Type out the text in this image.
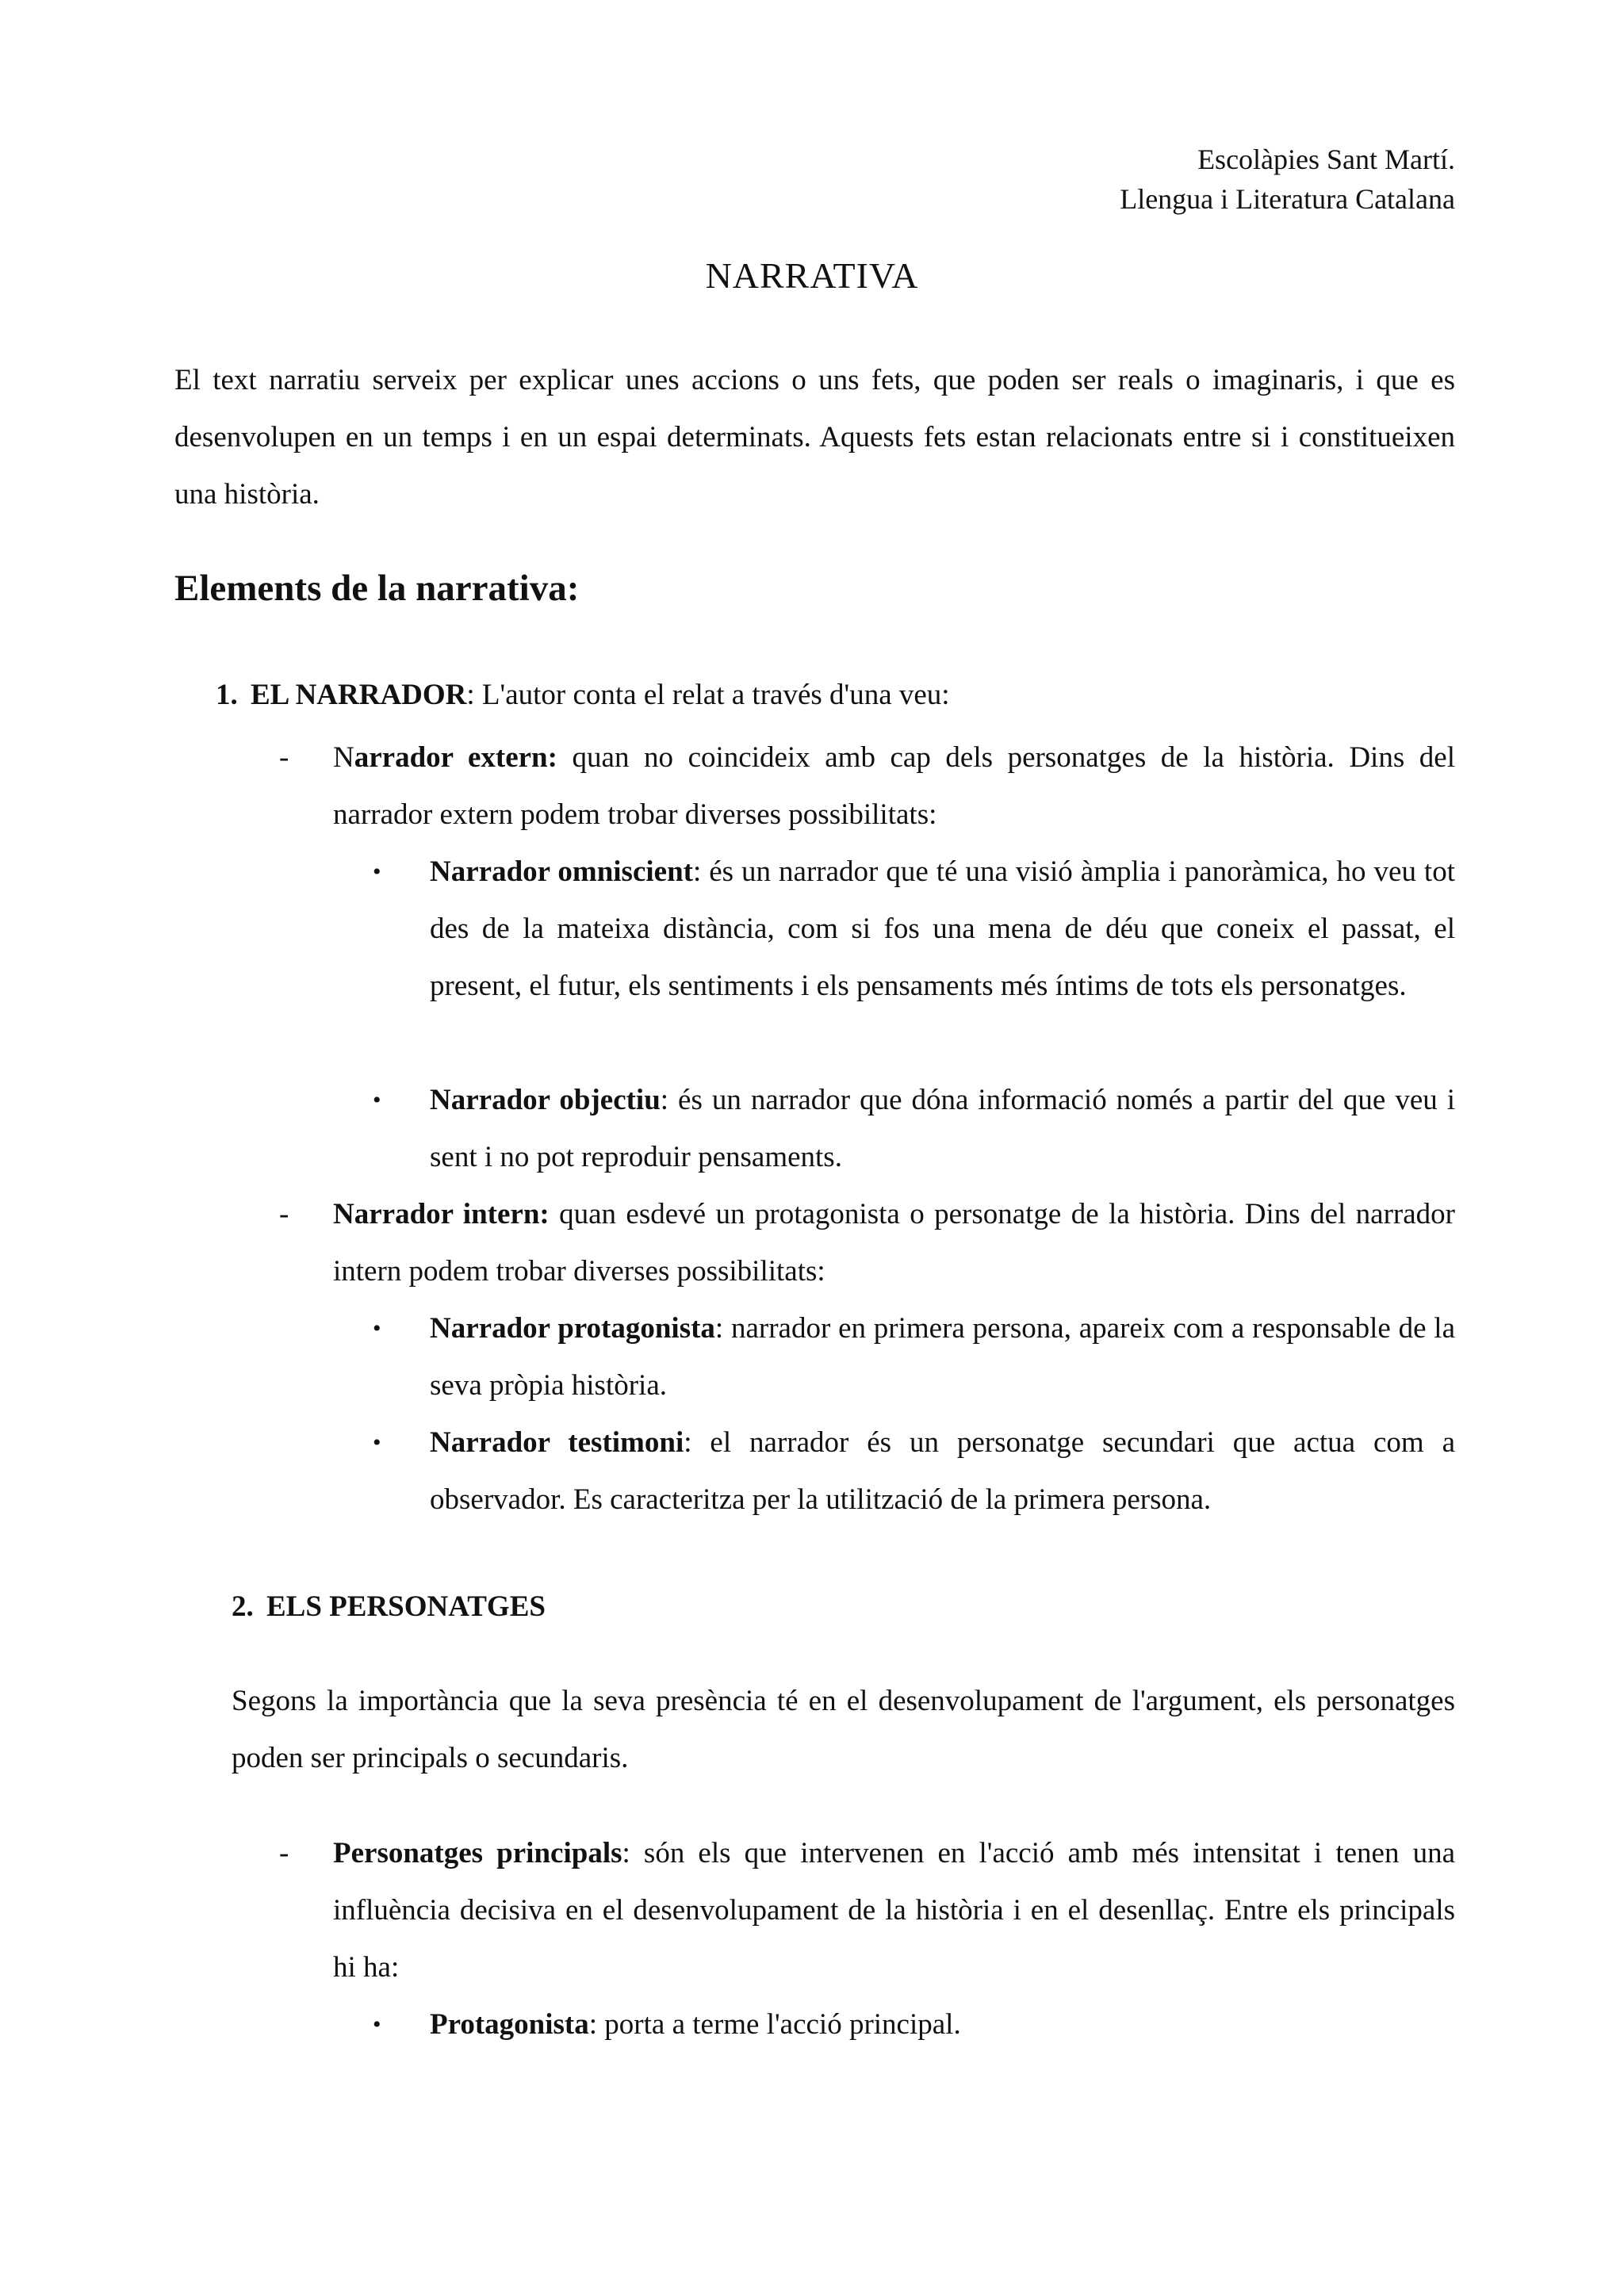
Escolàpies Sant Martí.
Llengua i Literatura Catalana
NARRATIVA

El text narratiu serveix per explicar unes accions o uns fets, que poden ser reals o imaginaris, i que es desenvolupen en un temps i en un espai determinats. Aquests fets estan relacionats entre si i constitueixen una història.

Elements de la narrativa:
1. EL NARRADOR: L'autor conta el relat a través d'una veu:
- Narrador extern: quan no coincideix amb cap dels personatges de la història. Dins del narrador extern podem trobar diverses possibilitats:

• Narrador omniscient: és un narrador que té una visió àmplia i panoràmica, ho veu tot des de la mateixa distància, com si fos una mena de déu que coneix el passat, el present, el futur, els sentiments i els pensaments més íntims de tots els personatges.

• Narrador objectiu: és un narrador que dóna informació només a partir del que veu i sent i no pot reproduir pensaments.

- Narrador intern: quan esdevé un protagonista o personatge de la història. Dins del narrador intern podem trobar diverses possibilitats:

• Narrador protagonista: narrador en primera persona, apareix com a responsable de la seva pròpia història.

• Narrador testimoni: el narrador és un personatge secundari que actua com a observador. Es caracteritza per la utilització de la primera persona.

2. ELS PERSONATGES

Segons la importància que la seva presència té en el desenvolupament de l'argument, els personatges poden ser principals o secundaris.

- Personatges principals: són els que intervenen en l'acció amb més intensitat i tenen una influència decisiva en el desenvolupament de la història i en el desenllaç. Entre els principals hi ha:

• Protagonista: porta a terme l'acció principal.
